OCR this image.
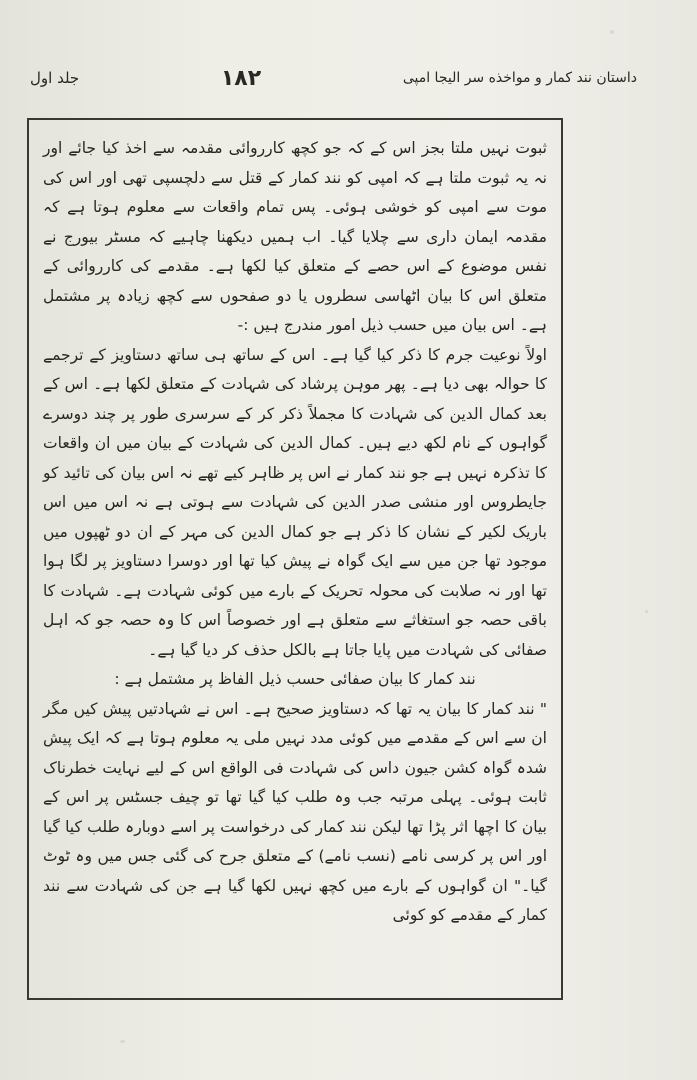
داستان نند کمار و مواخذه سر الیجا امپی
۱۸۲
جلد اول

ثبوت نہیں ملتا بجز اس کے کہ جو کچھ کارروائی مقدمہ سے اخذ کیا جائے اور نہ یہ ثبوت ملتا ہے کہ امپی کو نند کمار کے قتل سے دلچسپی تھی اور اس کی موت سے امپی کو خوشی ہوئی۔ پس تمام واقعات سے معلوم ہوتا ہے کہ مقدمہ ایمان داری سے چلایا گیا۔ اب ہمیں دیکھنا چاہیے کہ مسٹر بیورج نے نفس موضوع کے اس حصے کے متعلق کیا لکھا ہے۔ مقدمے کی کارروائی کے متعلق اس کا بیان اٹھاسی سطروں یا دو صفحوں سے کچھ زیادہ پر مشتمل ہے۔ اس بیان میں حسب ذیل امور مندرج ہیں :-

اولاً نوعیت جرم کا ذکر کیا گیا ہے۔ اس کے ساتھ ہی ساتھ دستاویز کے ترجمے کا حوالہ بھی دیا ہے۔ پھر موہن پرشاد کی شہادت کے متعلق لکھا ہے۔ اس کے بعد کمال الدین کی شہادت کا مجملاً ذکر کر کے سرسری طور پر چند دوسرے گواہوں کے نام لکھ دیے ہیں۔ کمال الدین کی شہادت کے بیان میں ان واقعات کا تذکرہ نہیں ہے جو نند کمار نے اس پر ظاہر کیے تھے نہ اس بیان کی تائید کو جایطروس اور منشی صدر الدین کی شہادت سے ہوتی ہے نہ اس میں اس باریک لکیر کے نشان کا ذکر ہے جو کمال الدین کی مہر کے ان دو ٹھپوں میں موجود تھا جن میں سے ایک گواہ نے پیش کیا تھا اور دوسرا دستاویز پر لگا ہوا تھا اور نہ صلابت کی محولہ تحریک کے بارے میں کوئی شہادت ہے۔ شہادت کا باقی حصہ جو استغاثے سے متعلق ہے اور خصوصاً اس کا وہ حصہ جو کہ اہل صفائی کی شہادت میں پایا جاتا ہے بالکل حذف کر دیا گیا ہے۔

نند کمار کا بیان صفائی حسب ذیل الفاظ پر مشتمل ہے :

" نند کمار کا بیان یہ تھا کہ دستاویز صحیح ہے۔ اس نے شہادتیں پیش کیں مگر ان سے اس کے مقدمے میں کوئی مدد نہیں ملی یہ معلوم ہوتا ہے کہ ایک پیش شدہ گواہ کشن جیون داس کی شہادت فی الواقع اس کے لیے نہایت خطرناک ثابت ہوئی۔ پہلی مرتبہ جب وہ طلب کیا گیا تھا تو چیف جسٹس پر اس کے بیان کا اچھا اثر پڑا تھا لیکن نند کمار کی درخواست پر اسے دوبارہ طلب کیا گیا اور اس پر کرسی نامے (نسب نامے) کے متعلق جرح کی گئی جس میں وہ ٹوٹ گیا۔" ان گواہوں کے بارے میں کچھ نہیں لکھا گیا ہے جن کی شہادت سے نند کمار کے مقدمے کو کوئی
